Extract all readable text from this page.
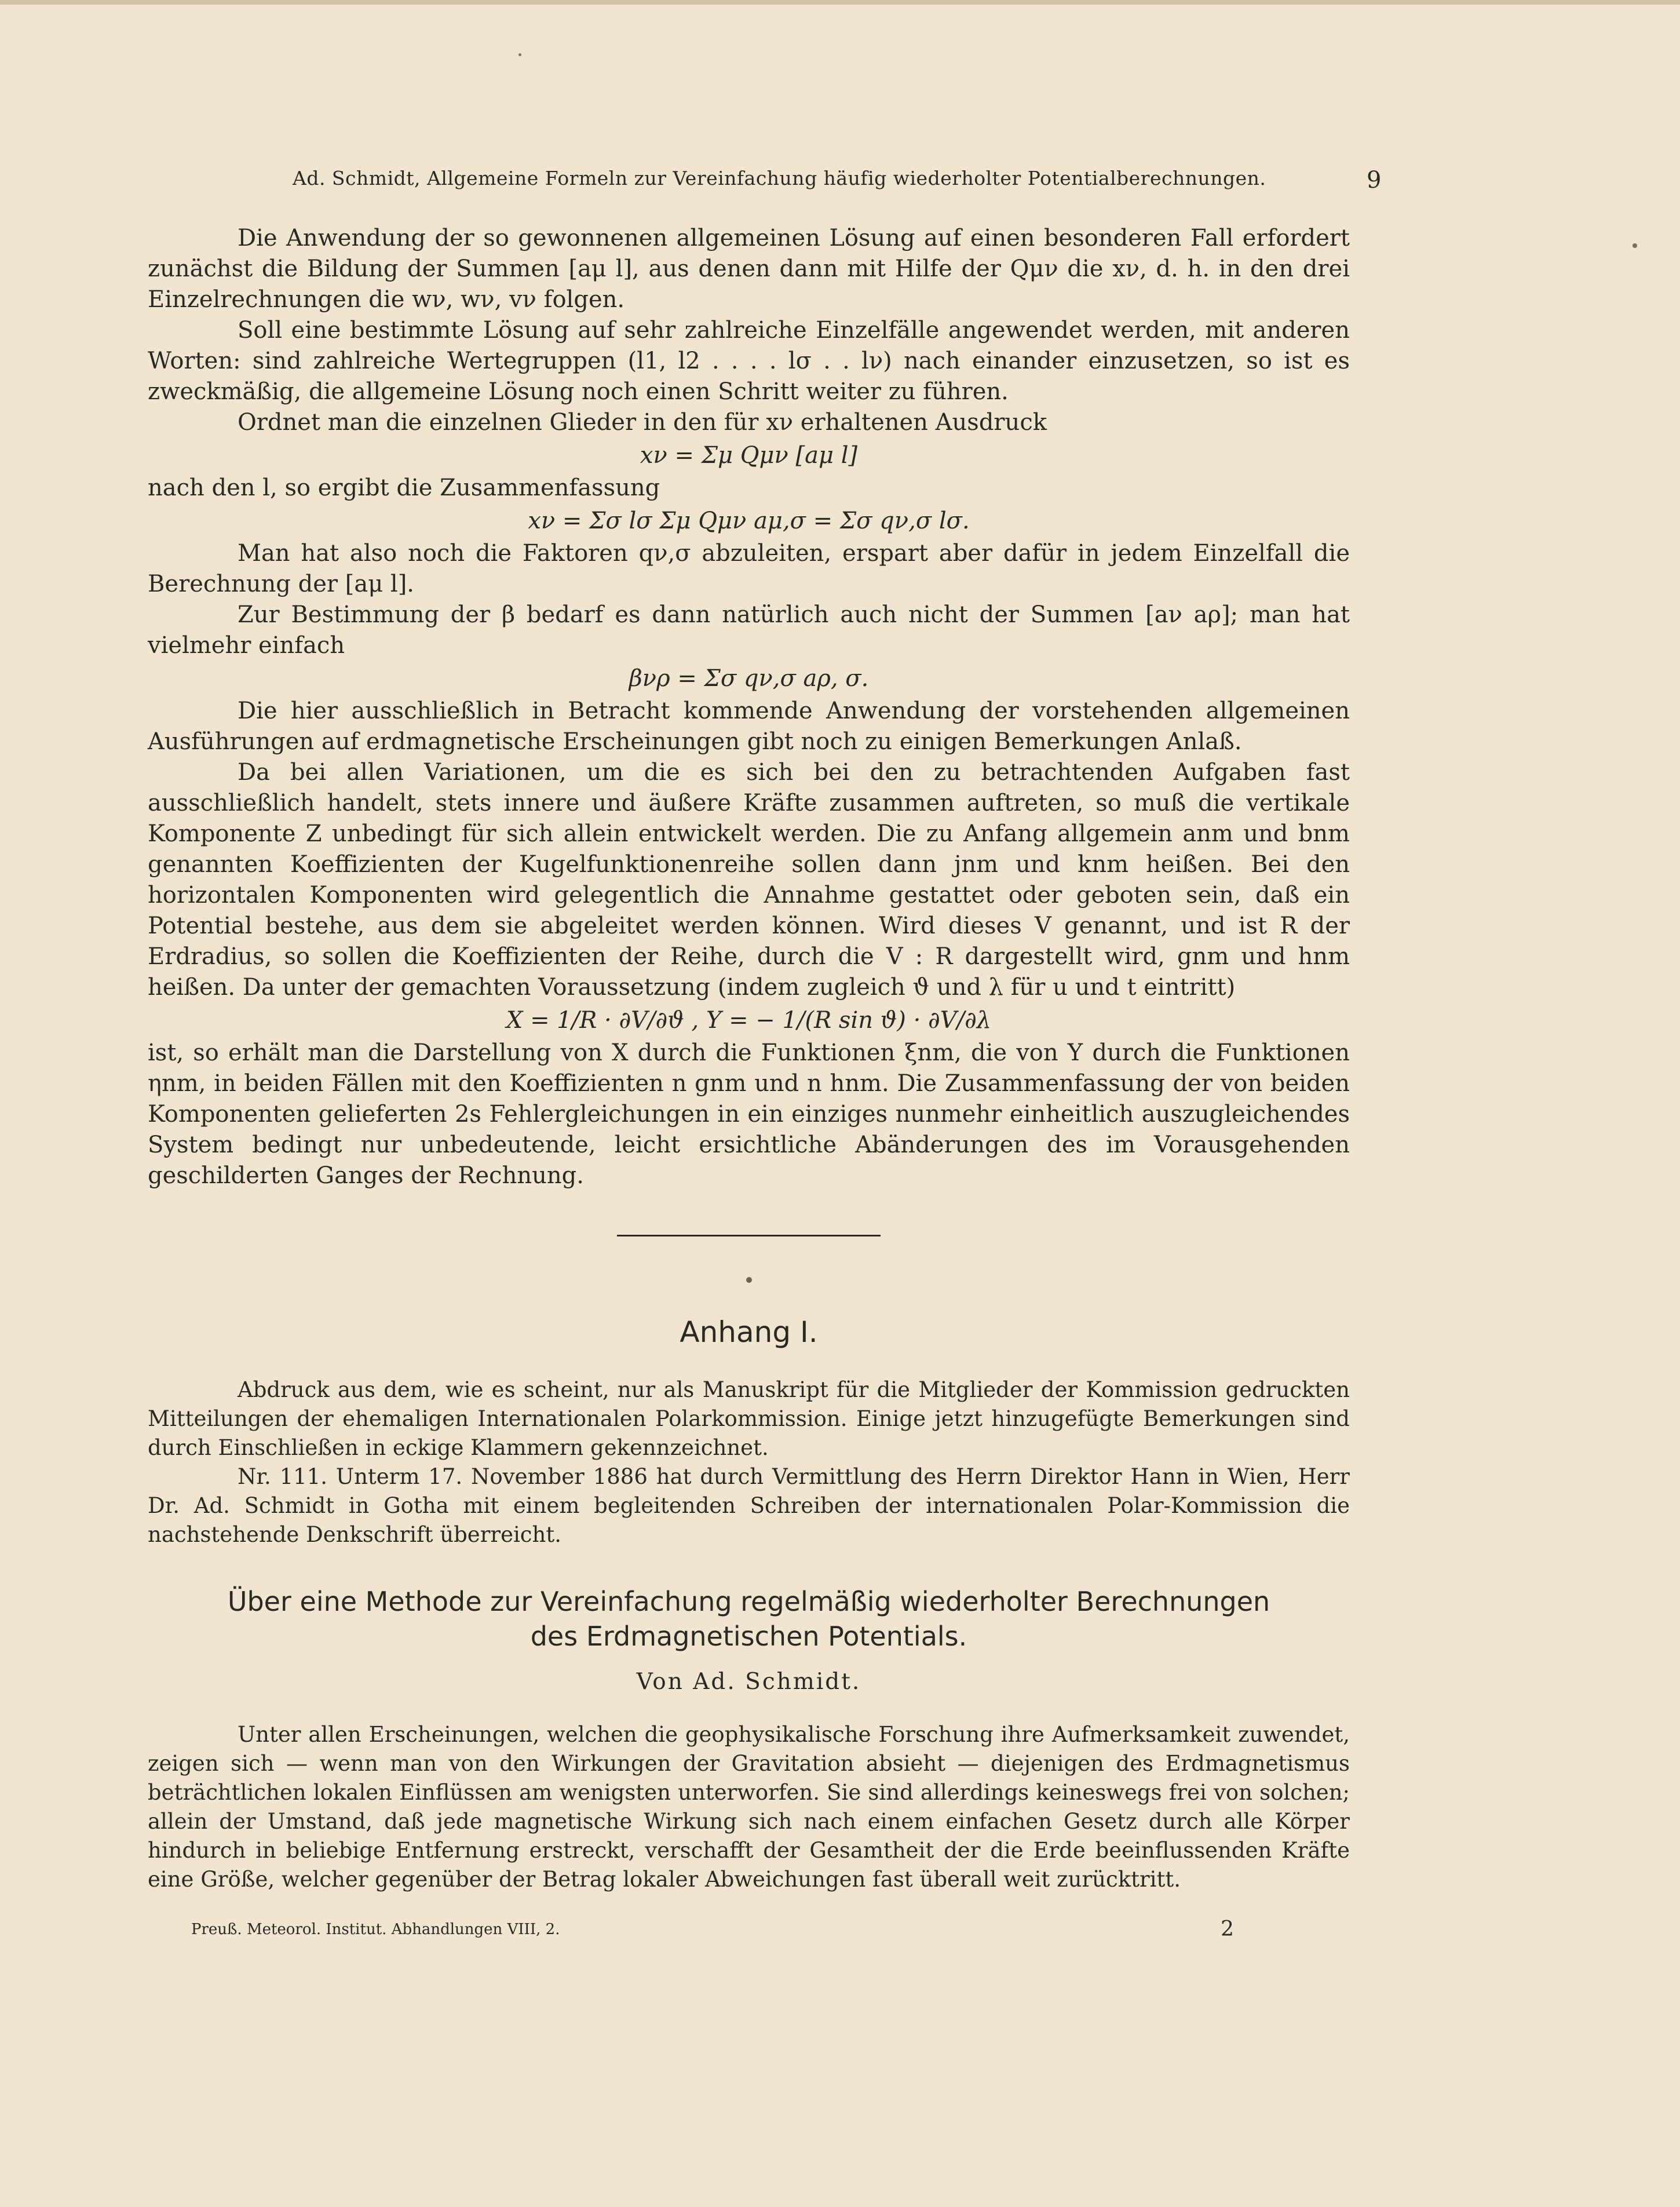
Ad. Schmidt, Allgemeine Formeln zur Vereinfachung häufig wiederholter Potentialberechnungen.	9

Die Anwendung der so gewonnenen allgemeinen Lösung auf einen besonderen Fall erfordert zunächst die Bildung der Summen [aμ l], aus denen dann mit Hilfe der Qμν die xν, d. h. in den drei Einzelrechnungen die wν, wν, vν folgen.

Soll eine bestimmte Lösung auf sehr zahlreiche Einzelfälle angewendet werden, mit anderen Worten: sind zahlreiche Wertegruppen (l1, l2 . . . . lσ . . lν) nach einander einzusetzen, so ist es zweckmäßig, die allgemeine Lösung noch einen Schritt weiter zu führen.

Ordnet man die einzelnen Glieder in den für xν erhaltenen Ausdruck

xν = Σμ Qμν [aμ l]

nach den l, so ergibt die Zusammenfassung

xν = Σσ lσ Σμ Qμν aμ,σ = Σσ qν,σ lσ.

Man hat also noch die Faktoren qν,σ abzuleiten, erspart aber dafür in jedem Einzelfall die Berechnung der [aμ l].

Zur Bestimmung der β bedarf es dann natürlich auch nicht der Summen [aν aρ]; man hat vielmehr einfach

βνρ = Σσ qν,σ aρ, σ.

Die hier ausschließlich in Betracht kommende Anwendung der vorstehenden allgemeinen Ausführungen auf erdmagnetische Erscheinungen gibt noch zu einigen Bemerkungen Anlaß.

Da bei allen Variationen, um die es sich bei den zu betrachtenden Aufgaben fast ausschließlich handelt, stets innere und äußere Kräfte zusammen auftreten, so muß die vertikale Komponente Z unbedingt für sich allein entwickelt werden. Die zu Anfang allgemein anm und bnm genannten Koeffizienten der Kugelfunktionenreihe sollen dann jnm und knm heißen. Bei den horizontalen Komponenten wird gelegentlich die Annahme gestattet oder geboten sein, daß ein Potential bestehe, aus dem sie abgeleitet werden können. Wird dieses V genannt, und ist R der Erdradius, so sollen die Koeffizienten der Reihe, durch die V : R dargestellt wird, gnm und hnm heißen. Da unter der gemachten Voraussetzung (indem zugleich ϑ und λ für u und t eintritt)

X = 1/R · ∂V/∂ϑ , Y = − 1/(R sin ϑ) · ∂V/∂λ

ist, so erhält man die Darstellung von X durch die Funktionen ξnm, die von Y durch die Funktionen ηnm, in beiden Fällen mit den Koeffizienten n gnm und n hnm. Die Zusammenfassung der von beiden Komponenten gelieferten 2s Fehlergleichungen in ein einziges nunmehr einheitlich auszugleichendes System bedingt nur unbedeutende, leicht ersichtliche Abänderungen des im Vorausgehenden geschilderten Ganges der Rechnung.

Anhang I.

Abdruck aus dem, wie es scheint, nur als Manuskript für die Mitglieder der Kommission gedruckten Mitteilungen der ehemaligen Internationalen Polarkommission. Einige jetzt hinzugefügte Bemerkungen sind durch Einschließen in eckige Klammern gekennzeichnet.

Nr. 111. Unterm 17. November 1886 hat durch Vermittlung des Herrn Direktor Hann in Wien, Herr Dr. Ad. Schmidt in Gotha mit einem begleitenden Schreiben der internationalen Polar-Kommission die nachstehende Denkschrift überreicht.

Über eine Methode zur Vereinfachung regelmäßig wiederholter Berechnungen
des Erdmagnetischen Potentials.
Von Ad. Schmidt.

Unter allen Erscheinungen, welchen die geophysikalische Forschung ihre Aufmerksamkeit zuwendet, zeigen sich — wenn man von den Wirkungen der Gravitation absieht — diejenigen des Erdmagnetismus beträchtlichen lokalen Einflüssen am wenigsten unterworfen. Sie sind allerdings keineswegs frei von solchen; allein der Umstand, daß jede magnetische Wirkung sich nach einem einfachen Gesetz durch alle Körper hindurch in beliebige Entfernung erstreckt, verschafft der Gesamtheit der die Erde beeinflussenden Kräfte eine Größe, welcher gegenüber der Betrag lokaler Abweichungen fast überall weit zurücktritt.

Preuß. Meteorol. Institut. Abhandlungen VIII, 2.	2
